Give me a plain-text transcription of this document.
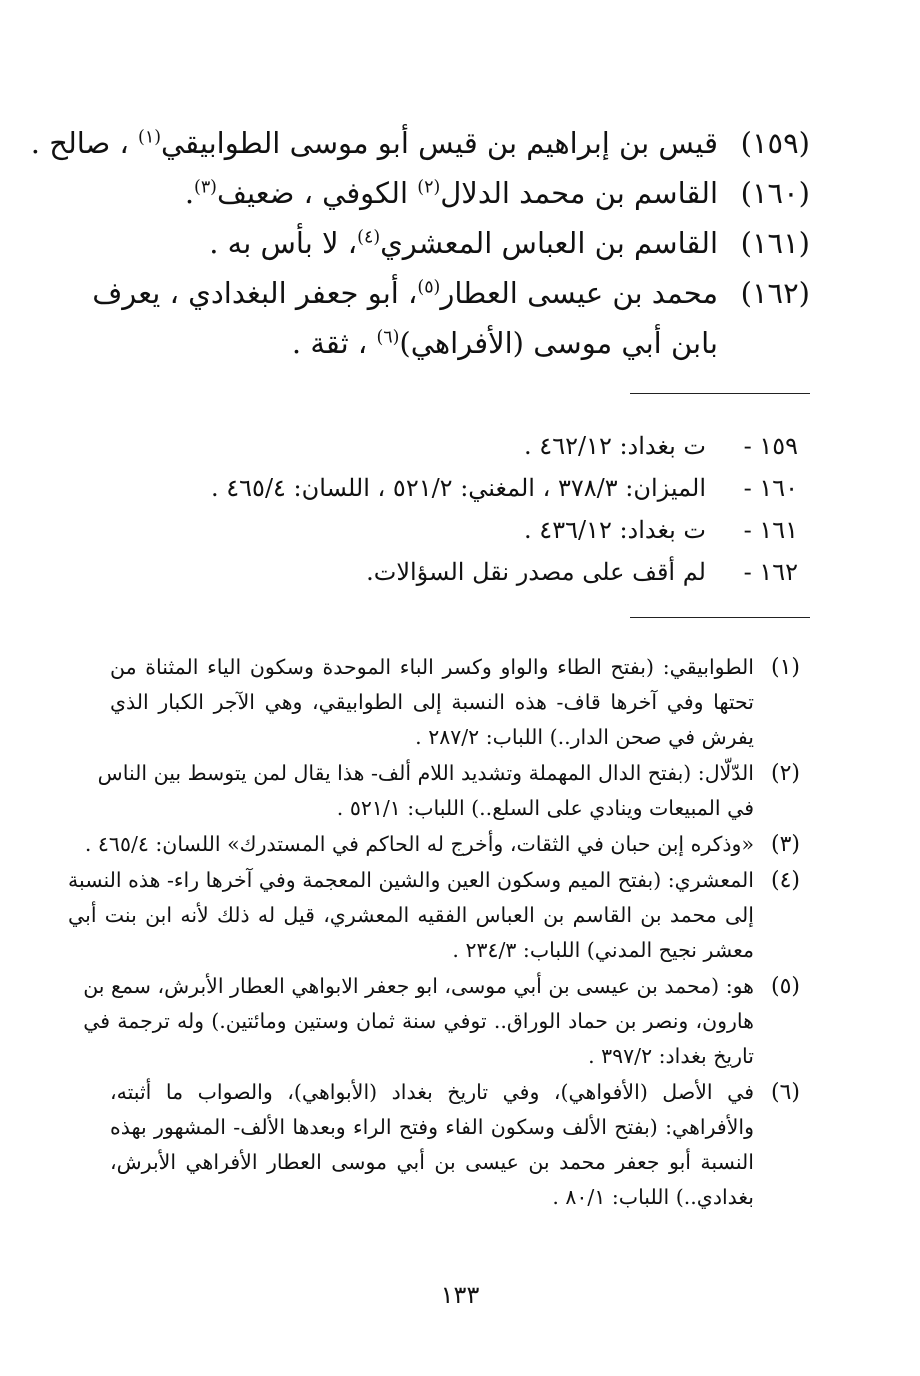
(١٥٩)
قيس بن إبراهيم بن قيس أبو موسى الطوابيقي$^{(١)}$ ، صالح .
(١٦٠)
القاسم بن محمد الدلال$^{(٢)}$ الكوفي ، ضعيف$^{(٣)}$.
(١٦١)
القاسم بن العباس المعشري$^{(٤)}$، لا بأس به .
(١٦٢)
محمد بن عيسى العطار$^{(٥)}$، أبو جعفر البغدادي ، يعرف
بابن أبي موسى (الأفراهي)$^{(٦)}$ ، ثقة .
١٥٩ -
ت بغداد: ٤٦٢/١٢ .
١٦٠ -
الميزان: ٣٧٨/٣ ، المغني: ٥٢١/٢ ، اللسان: ٤٦٥/٤ .
١٦١ -
ت بغداد: ٤٣٦/١٢ .
١٦٢ -
لم أقف على مصدر نقل السؤالات.
(١)
الطوابيقي: (بفتح الطاء والواو وكسر الباء الموحدة وسكون الياء المثناة من
تحتها وفي آخرها قاف- هذه النسبة إلى الطوابيقي، وهي الآجر الكبار الذي
يفرش في صحن الدار..) اللباب: ٢٨٧/٢ .
(٢)
الدّلّال: (بفتح الدال المهملة وتشديد اللام ألف- هذا يقال لمن يتوسط بين الناس
في المبيعات وينادي على السلع..) اللباب: ٥٢١/١ .
(٣)
«وذكره إبن حبان في الثقات، وأخرج له الحاكم في المستدرك» اللسان: ٤٦٥/٤ .
(٤)
المعشري: (بفتح الميم وسكون العين والشين المعجمة وفي آخرها راء- هذه النسبة
إلى محمد بن القاسم بن العباس الفقيه المعشري، قيل له ذلك لأنه ابن بنت أبي
معشر نجيح المدني) اللباب: ٢٣٤/٣ .
(٥)
هو: (محمد بن عيسى بن أبي موسى، ابو جعفر الابواهي العطار الأبرش، سمع بن
هارون، ونصر بن حماد الوراق.. توفي سنة ثمان وستين ومائتين.) وله ترجمة في
تاريخ بغداد: ٣٩٧/٢ .
(٦)
في الأصل (الأفواهي)، وفي تاريخ بغداد (الأبواهي)، والصواب ما أثبته،
والأفراهي: (بفتح الألف وسكون الفاء وفتح الراء وبعدها الألف- المشهور بهذه
النسبة أبو جعفر محمد بن عيسى بن أبي موسى العطار الأفراهي الأبرش،
بغدادي..) اللباب: ٨٠/١ .
١٣٣
